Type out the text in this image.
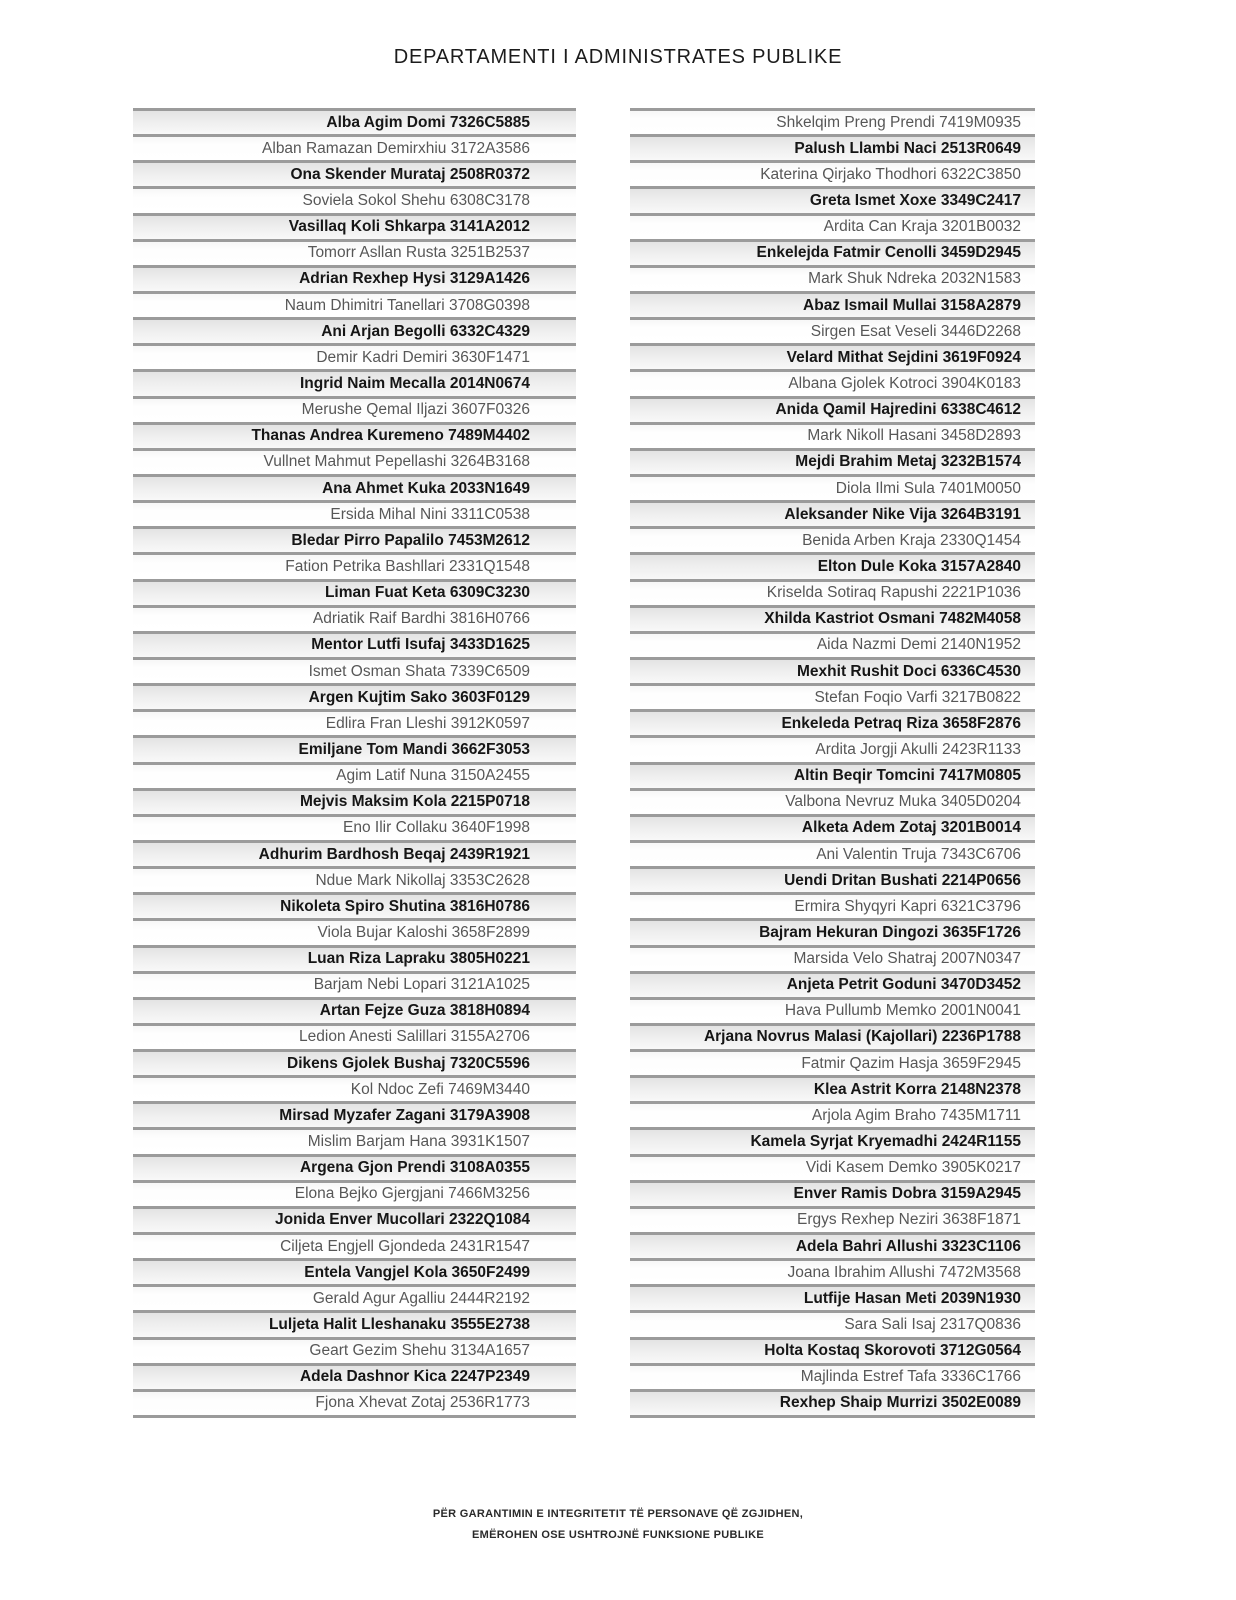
DEPARTAMENTI I ADMINISTRATES PUBLIKE
Alba Agim Domi 7326C5885
Alban Ramazan Demirxhiu 3172A3586
Ona Skender Murataj 2508R0372
Soviela Sokol Shehu 6308C3178
Vasillaq Koli Shkarpa 3141A2012
Tomorr Asllan Rusta 3251B2537
Adrian Rexhep Hysi 3129A1426
Naum Dhimitri Tanellari 3708G0398
Ani Arjan Begolli 6332C4329
Demir Kadri Demiri 3630F1471
Ingrid Naim Mecalla 2014N0674
Merushe Qemal Iljazi 3607F0326
Thanas Andrea Kuremeno 7489M4402
Vullnet Mahmut Pepellashi 3264B3168
Ana Ahmet Kuka 2033N1649
Ersida Mihal Nini 3311C0538
Bledar Pirro Papalilo 7453M2612
Fation Petrika Bashllari 2331Q1548
Liman Fuat Keta 6309C3230
Adriatik Raif Bardhi 3816H0766
Mentor Lutfi Isufaj 3433D1625
Ismet Osman Shata 7339C6509
Argen Kujtim Sako 3603F0129
Edlira Fran Lleshi 3912K0597
Emiljane Tom Mandi 3662F3053
Agim Latif Nuna 3150A2455
Mejvis Maksim Kola 2215P0718
Eno Ilir Collaku 3640F1998
Adhurim Bardhosh Beqaj 2439R1921
Ndue Mark Nikollaj 3353C2628
Nikoleta Spiro Shutina 3816H0786
Viola Bujar Kaloshi 3658F2899
Luan Riza Lapraku 3805H0221
Barjam Nebi Lopari 3121A1025
Artan Fejze Guza 3818H0894
Ledion Anesti Salillari 3155A2706
Dikens Gjolek Bushaj 7320C5596
Kol Ndoc Zefi 7469M3440
Mirsad Myzafer Zagani 3179A3908
Mislim Barjam Hana 3931K1507
Argena Gjon Prendi 3108A0355
Elona Bejko Gjergjani 7466M3256
Jonida Enver Mucollari 2322Q1084
Ciljeta Engjell Gjondeda 2431R1547
Entela Vangjel Kola 3650F2499
Gerald Agur Agalliu 2444R2192
Luljeta Halit Lleshanaku 3555E2738
Geart Gezim Shehu 3134A1657
Adela Dashnor Kica 2247P2349
Fjona Xhevat Zotaj 2536R1773
Shkelqim Preng Prendi 7419M0935
Palush Llambi Naci 2513R0649
Katerina Qirjako Thodhori 6322C3850
Greta Ismet Xoxe 3349C2417
Ardita Can Kraja 3201B0032
Enkelejda Fatmir Cenolli 3459D2945
Mark Shuk Ndreka 2032N1583
Abaz Ismail Mullai 3158A2879
Sirgen Esat Veseli 3446D2268
Velard Mithat Sejdini 3619F0924
Albana Gjolek Kotroci 3904K0183
Anida Qamil Hajredini 6338C4612
Mark Nikoll Hasani 3458D2893
Mejdi Brahim Metaj 3232B1574
Diola Ilmi Sula 7401M0050
Aleksander Nike Vija 3264B3191
Benida Arben Kraja 2330Q1454
Elton Dule Koka 3157A2840
Kriselda Sotiraq Rapushi 2221P1036
Xhilda Kastriot Osmani 7482M4058
Aida Nazmi Demi 2140N1952
Mexhit Rushit Doci 6336C4530
Stefan Foqio Varfi 3217B0822
Enkeleda Petraq Riza 3658F2876
Ardita Jorgji Akulli 2423R1133
Altin Beqir Tomcini 7417M0805
Valbona Nevruz Muka 3405D0204
Alketa Adem Zotaj 3201B0014
Ani Valentin Truja 7343C6706
Uendi Dritan Bushati 2214P0656
Ermira Shyqyri Kapri 6321C3796
Bajram Hekuran Dingozi 3635F1726
Marsida Velo Shatraj 2007N0347
Anjeta Petrit Goduni 3470D3452
Hava Pullumb Memko 2001N0041
Arjana Novrus Malasi (Kajollari) 2236P1788
Fatmir Qazim Hasja 3659F2945
Klea Astrit Korra 2148N2378
Arjola Agim Braho 7435M1711
Kamela Syrjat Kryemadhi 2424R1155
Vidi Kasem Demko 3905K0217
Enver Ramis Dobra 3159A2945
Ergys Rexhep Neziri 3638F1871
Adela Bahri Allushi 3323C1106
Joana Ibrahim Allushi 7472M3568
Lutfije Hasan Meti 2039N1930
Sara Sali Isaj 2317Q0836
Holta Kostaq Skorovoti 3712G0564
Majlinda Estref Tafa 3336C1766
Rexhep Shaip Murrizi 3502E0089
PËR GARANTIMIN E INTEGRITETIT TË PERSONAVE QË ZGJIDHEN,
EMËROHEN OSE USHTROJNË FUNKSIONE PUBLIKE
